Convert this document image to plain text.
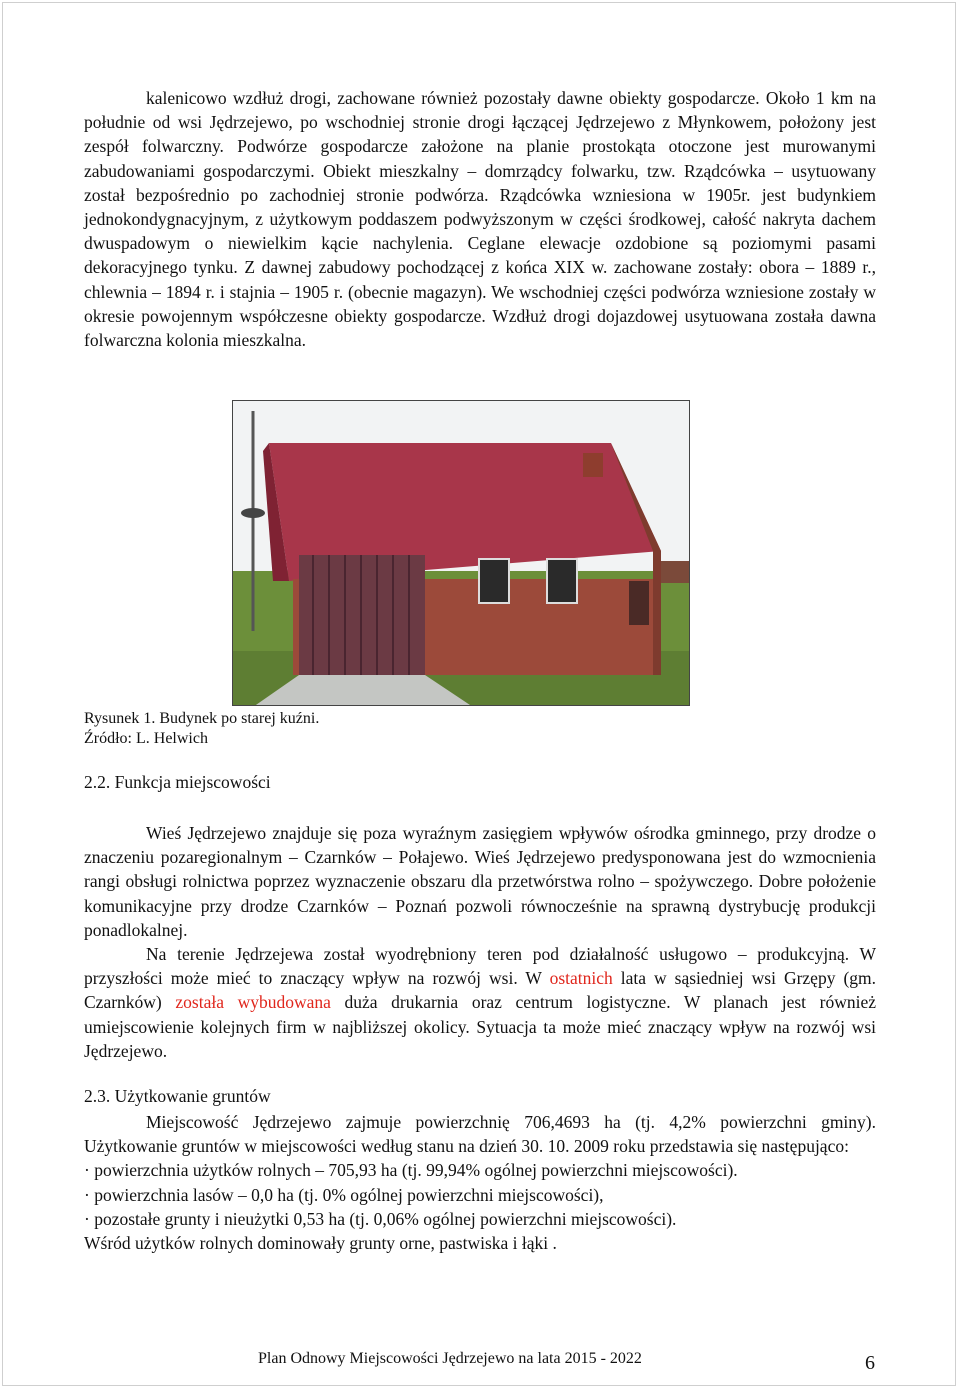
kalenicowo wzdłuż drogi, zachowane również pozostały dawne obiekty gospodarcze. Około 1 km na południe od wsi Jędrzejewo, po wschodniej stronie drogi łączącej Jędrzejewo z Młynkowem, położony jest zespół folwarczny. Podwórze gospodarcze założone na planie prostokąta otoczone jest murowanymi zabudowaniami gospodarczymi. Obiekt mieszkalny – domrządcy folwarku, tzw. Rządcówka – usytuowany został bezpośrednio po zachodniej stronie podwórza. Rządcówka wzniesiona w 1905r. jest budynkiem jednokondygnacyjnym, z użytkowym poddaszem podwyższonym w części środkowej, całość nakryta dachem dwuspadowym o niewielkim kącie nachylenia. Ceglane elewacje ozdobione są poziomymi pasami dekoracyjnego tynku. Z dawnej zabudowy pochodzącej z końca XIX w. zachowane zostały: obora – 1889 r., chlewnia – 1894 r. i stajnia – 1905 r. (obecnie magazyn). We wschodniej części podwórza wzniesione zostały w okresie powojennym współczesne obiekty gospodarcze. Wzdłuż drogi dojazdowej usytuowana została dawna folwarczna kolonia mieszkalna.

Rysunek 1. Budynek po starej kuźni.
Źródło: L. Helwich
2.2. Funkcja miejscowości

Wieś Jędrzejewo znajduje się poza wyraźnym zasięgiem wpływów ośrodka gminnego, przy drodze o znaczeniu pozaregionalnym – Czarnków – Połajewo. Wieś Jędrzejewo predysponowana jest do wzmocnienia rangi obsługi rolnictwa poprzez wyznaczenie obszaru dla przetwórstwa rolno – spożywczego. Dobre położenie komunikacyjne przy drodze Czarnków – Poznań pozwoli równocześnie na sprawną dystrybucję produkcji ponadlokalnej.

Na terenie Jędrzejewa został wyodrębniony teren pod działalność usługowo – produkcyjną. W przyszłości może mieć to znaczący wpływ na rozwój wsi. W ostatnich lata w sąsiedniej wsi Grzępy (gm. Czarnków) została wybudowana duża drukarnia oraz centrum logistyczne. W planach jest również umiejscowienie kolejnych firm w najbliższej okolicy. Sytuacja ta może mieć znaczący wpływ na rozwój wsi Jędrzejewo.

2.3. Użytkowanie gruntów

Miejscowość Jędrzejewo zajmuje powierzchnię 706,4693 ha (tj. 4,2% powierzchni gminy). Użytkowanie gruntów w miejscowości według stanu na dzień 30. 10. 2009 roku przedstawia się następująco:

· powierzchnia użytków rolnych – 705,93 ha (tj. 99,94% ogólnej powierzchni miejscowości).

· powierzchnia lasów – 0,0 ha (tj. 0% ogólnej powierzchni miejscowości),

· pozostałe grunty i nieużytki 0,53 ha (tj. 0,06% ogólnej powierzchni miejscowości).

Wśród użytków rolnych dominowały grunty orne, pastwiska i łąki .

Plan Odnowy Miejscowości Jędrzejewo na lata 2015 - 2022	6
